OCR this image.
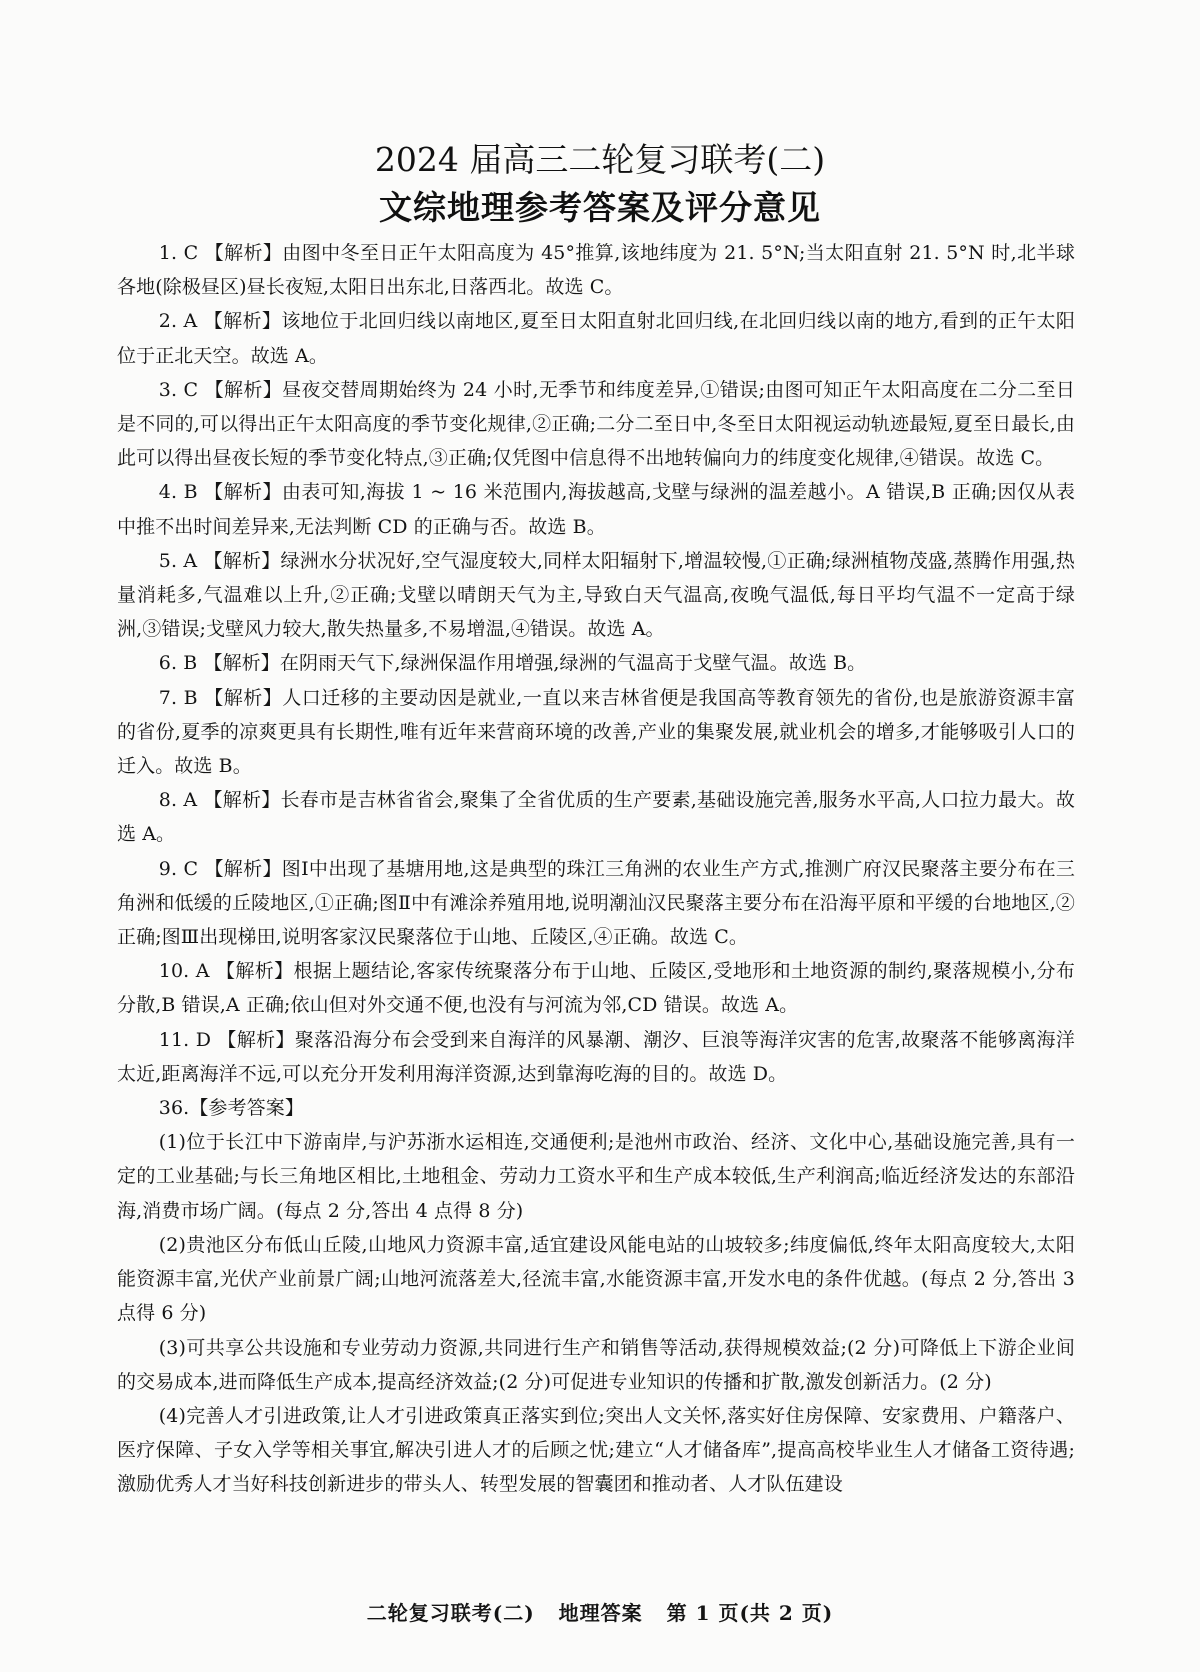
2024 届高三二轮复习联考(二)
文综地理参考答案及评分意见

1. C 【解析】由图中冬至日正午太阳高度为 45°推算,该地纬度为 21. 5°N;当太阳直射 21. 5°N 时,北半球各地(除极昼区)昼长夜短,太阳日出东北,日落西北。故选 C。

2. A 【解析】该地位于北回归线以南地区,夏至日太阳直射北回归线,在北回归线以南的地方,看到的正午太阳位于正北天空。故选 A。

3. C 【解析】昼夜交替周期始终为 24 小时,无季节和纬度差异,①错误;由图可知正午太阳高度在二分二至日是不同的,可以得出正午太阳高度的季节变化规律,②正确;二分二至日中,冬至日太阳视运动轨迹最短,夏至日最长,由此可以得出昼夜长短的季节变化特点,③正确;仅凭图中信息得不出地转偏向力的纬度变化规律,④错误。故选 C。

4. B 【解析】由表可知,海拔 1 ~ 16 米范围内,海拔越高,戈壁与绿洲的温差越小。A 错误,B 正确;因仅从表中推不出时间差异来,无法判断 CD 的正确与否。故选 B。

5. A 【解析】绿洲水分状况好,空气湿度较大,同样太阳辐射下,增温较慢,①正确;绿洲植物茂盛,蒸腾作用强,热量消耗多,气温难以上升,②正确;戈壁以晴朗天气为主,导致白天气温高,夜晚气温低,每日平均气温不一定高于绿洲,③错误;戈壁风力较大,散失热量多,不易增温,④错误。故选 A。

6. B 【解析】在阴雨天气下,绿洲保温作用增强,绿洲的气温高于戈壁气温。故选 B。

7. B 【解析】人口迁移的主要动因是就业,一直以来吉林省便是我国高等教育领先的省份,也是旅游资源丰富的省份,夏季的凉爽更具有长期性,唯有近年来营商环境的改善,产业的集聚发展,就业机会的增多,才能够吸引人口的迁入。故选 B。

8. A 【解析】长春市是吉林省省会,聚集了全省优质的生产要素,基础设施完善,服务水平高,人口拉力最大。故选 A。

9. C 【解析】图Ⅰ中出现了基塘用地,这是典型的珠江三角洲的农业生产方式,推测广府汉民聚落主要分布在三角洲和低缓的丘陵地区,①正确;图Ⅱ中有滩涂养殖用地,说明潮汕汉民聚落主要分布在沿海平原和平缓的台地地区,②正确;图Ⅲ出现梯田,说明客家汉民聚落位于山地、丘陵区,④正确。故选 C。

10. A 【解析】根据上题结论,客家传统聚落分布于山地、丘陵区,受地形和土地资源的制约,聚落规模小,分布分散,B 错误,A 正确;依山但对外交通不便,也没有与河流为邻,CD 错误。故选 A。

11. D 【解析】聚落沿海分布会受到来自海洋的风暴潮、潮汐、巨浪等海洋灾害的危害,故聚落不能够离海洋太近,距离海洋不远,可以充分开发利用海洋资源,达到靠海吃海的目的。故选 D。

36.【参考答案】

(1)位于长江中下游南岸,与沪苏浙水运相连,交通便利;是池州市政治、经济、文化中心,基础设施完善,具有一定的工业基础;与长三角地区相比,土地租金、劳动力工资水平和生产成本较低,生产利润高;临近经济发达的东部沿海,消费市场广阔。(每点 2 分,答出 4 点得 8 分)

(2)贵池区分布低山丘陵,山地风力资源丰富,适宜建设风能电站的山坡较多;纬度偏低,终年太阳高度较大,太阳能资源丰富,光伏产业前景广阔;山地河流落差大,径流丰富,水能资源丰富,开发水电的条件优越。(每点 2 分,答出 3 点得 6 分)

(3)可共享公共设施和专业劳动力资源,共同进行生产和销售等活动,获得规模效益;(2 分)可降低上下游企业间的交易成本,进而降低生产成本,提高经济效益;(2 分)可促进专业知识的传播和扩散,激发创新活力。(2 分)

(4)完善人才引进政策,让人才引进政策真正落实到位;突出人文关怀,落实好住房保障、安家费用、户籍落户、医疗保障、子女入学等相关事宜,解决引进人才的后顾之忧;建立“人才储备库”,提高高校毕业生人才储备工资待遇;激励优秀人才当好科技创新进步的带头人、转型发展的智囊团和推动者、人才队伍建设

二轮复习联考(二) 地理答案 第 1 页(共 2 页)
